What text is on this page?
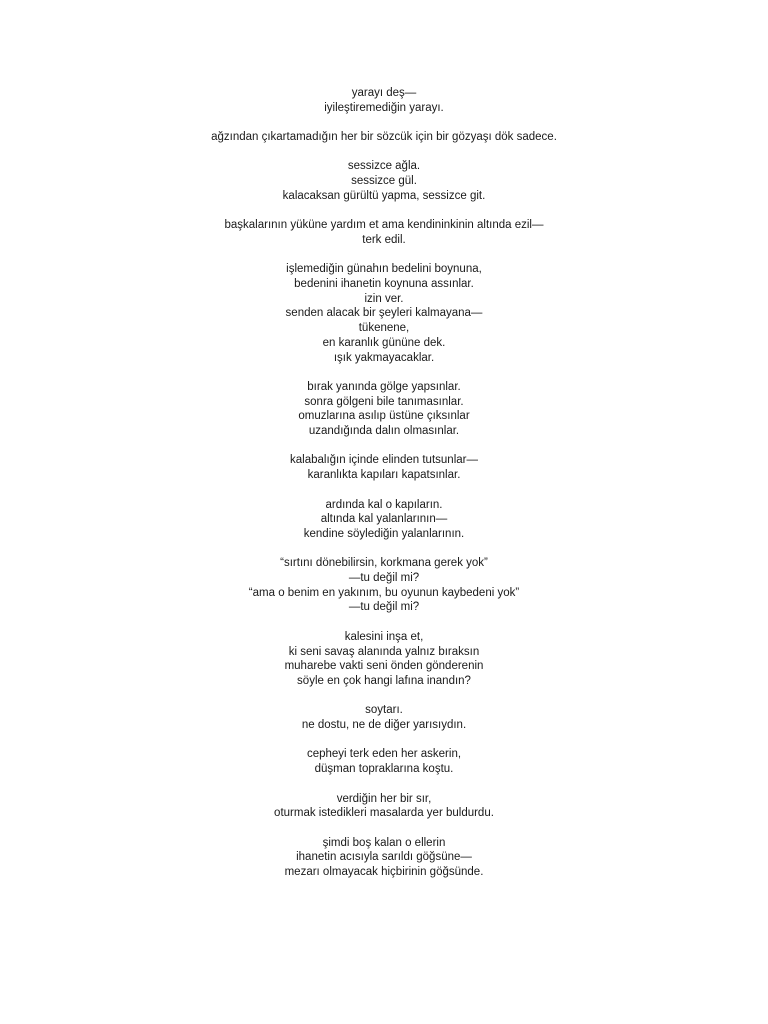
yarayı deş—
iyileştiremediğin yarayı.
ağzından çıkartamadığın her bir sözcük için bir gözyaşı dök sadece.
sessizce ağla.
sessizce gül.
kalacaksan gürültü yapma, sessizce git.
başkalarının yüküne yardım et ama kendininkinin altında ezil—
terk edil.
işlemediğin günahın bedelini boynuna,
bedenini ihanetin koynuna assınlar.
izin ver.
senden alacak bir şeyleri kalmayana—
tükenene,
en karanlık gününe dek.
ışık yakmayacaklar.
bırak yanında gölge yapsınlar.
sonra gölgeni bile tanımasınlar.
omuzlarına asılıp üstüne çıksınlar
uzandığında dalın olmasınlar.
kalabalığın içinde elinden tutsunlar—
karanlıkta kapıları kapatsınlar.
ardında kal o kapıların.
altında kal yalanlarının—
kendine söylediğin yalanlarının.
“sırtını dönebilirsin, korkmana gerek yok”
—tu değil mi?
“ama o benim en yakınım, bu oyunun kaybedeni yok”
—tu değil mi?
kalesini inşa et,
ki seni savaş alanında yalnız bıraksın
muharebe vakti seni önden gönderenin
söyle en çok hangi lafına inandın?
soytarı.
ne dostu, ne de diğer yarısıydın.
cepheyi terk eden her askerin,
düşman topraklarına koştu.
verdiğin her bir sır,
oturmak istedikleri masalarda yer buldurdu.
şimdi boş kalan o ellerin
ihanetin acısıyla sarıldı göğsüne—
mezarı olmayacak hiçbirinin göğsünde.
